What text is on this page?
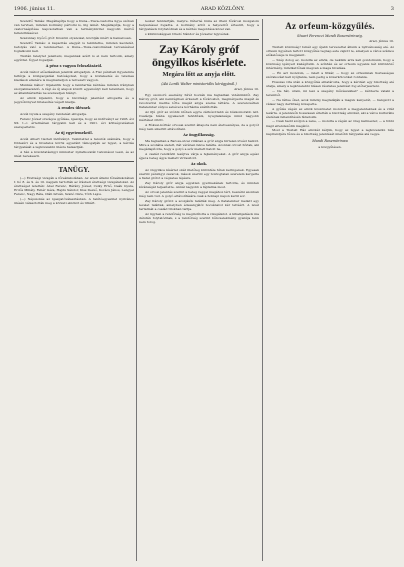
1906. június 11.	ARAD KÖZLÖNY.	3

Szendrő Tamás: Megállapítja hogy a Duna—Tisza-csatorna ügye szóban van tervben, minden kormány pártolni is, ülg ismét. Megállapítja, hogy a csatornaépítése kapcsolatban van a terménykivitel nagyobb mérvű fellendülésével.

Szalonnay Győző gróf: Köszöni olyanokat, közöljék miért is hamarosan.

Szendrő Tamás: A kapacitás elegyét is tekintetbe, minden kezdetét, befolyás való a rendszerhez. A Duna—Tisza-csatornának tervezésével foglalkozni kell.

Tisztán felelytet jelenteni, megannak azért is el nem tartozik, amely egyúttal. Ügyet fogadják.

A pénz s vagyon feloszlásáról.

Aczél Gábor előadásában jelentik elfogadjuk. A Fisz pénzbeli figyelemre felhívja a közigazgatási hatóságokat, hogy a közlekedés és tetemes kiadások ellenére is megmaradjon a tervezett vagyon.

Munkás Gábor: Kijelentik hogy a fenntartás kérdése minden irányban szorgalmazandó. A régi és új alapok között egyensúlyt kell teremteni, hogy az államháztartás ne szenvedjen hiányt.

Az elnök kijelenti, hogy a bizottsági jelentést elfogadta és a jegyzőkönyvet hitelesítés végett kiadja.

A rendes ülésnek

Aczél Gyula a szegény rendelést elfogadja.

Ferenc József országos gyűlése, igazolja, hogy az indítványt az 1906. évi XX. t.-c. értelmében tárgyalni kell és a 1901. évi költségvetésben szerepeltetni.

Az új egyetemekről.

Aczél Albert tiszteli indítványt. Tekintettel a tanulók számára, hogy a földesúri és a hivatalos körök egyaránt támogatják az ügyet, a kérdés tárgyalását a legközelebbi ülésre halasztják.

A ház a közoktatásügyi miniszter nyilatkozatát tudomásul veszi, és az ülést berekeszti.

TANÜGY.

(—) Érettségi vizsgák a főreáliskolában. Az aradi állami főreáliskolában f. hó 8. és 9. és 10. napjain tartották az írásbeli érettségi vizsgálatokat. Az érettséget letették: Ábel Ferenc, Bárány József, Csiky Ernő, Deák Gyula, Erdős Mihály, Fehér Géza, Hajdu Sándor, Kiss Dezső, Kovács János, Lengyel Ferenc, Nagy Béla, Oláh István, Szabó Imre, Tóth Lajos.

(—) Népszokás az igazgatóválasztásban. A tanítóegyesület nyilvános ülésén választották meg a körzeti elnököt és titkárt.

leuker fenntartják, melyre. Péterné Gizia az itteni fővárosi mozgalom helyesléssel fogadta. A kormány arról a helyzetről értesült, hogy a tárgyalások folytatódnak és a kérdés megoldása közel van.

s különösképpen Dredó Nándor és Józsefsz ügyvédek.

Zay Károly gróf öngyilkos kisérlete.
Megára lőtt az anyja előtt.
(Aki Lorák Walter ministeriális kórágyánál.)
Arad, június 10.

Egy szomorú esemény hírét hozzák ma hajnalban vidékünkről. Zay Károly gróf, aki nemrégiben érkezett a fővárosból, megmérgezte magát és revolverrel mellbe lőtte magát anyja szeme láttára. A szerencsétlen fiatalember súlyos sebével a kórházba szállították.

Az ifjú gróf az utóbbi időben egyre zárkózottabb és búskomorabb lett. Családja hiába igyekezett felvidítani, nyugtalansága mind nagyobb mértéket öltött.

A Rókusi-kórház orvosai szerint állapota nem életveszélyes, de a golyót még nem sikerült eltávolítani.

Az öngyilkosság.

Ma hajnalban a Baross-utcai villában a gróf anyja hirtelen lövést hallott. Mire a szobába sietett, fiát vérében fekve találta. Azonnal orvost hívtak, aki megállapította, hogy a golyó a szív mellett hatolt be.

A család rendkívül lesújtva várja a fejleményeket. A gróf anyja egész éjjel a beteg ágya mellett virrasztott.

Az okok.

Az öngyilkos kísérlet okát illetőleg különféle hírek keringenek. Egyesek szerint pénzügyi zavarok, mások szerint egy boldogtalan szerelem kergette a fiatal grófot a végzetes lépésre.

Zay Károly gróf anyja egyetlen gyermekének tartotta, és minden kívánságát teljesítette. Annál nagyobb a fájdalma most.

Az orvosi jelentés szerint a beteg reggel magához tért, beszélni azonban még nem tud. A golyó eltávolítására csak a holnapi napon kerül sor.

Zay Károly grófot a szolgálók találták meg. A fiatalember mellett egy levelet találtak, amelyben édesanyjától bocsánatot kér tettéért. A levél tartalmát a család titokban tartja.

Az ügyben a rendőrség is megindította a vizsgálatot. A kihallgatások ma délután folytatódnak, s a rendőrség szerint bűncselekmény gyanúja fenn nem forog.

Az orfeum-közgyűlés.
Stuart Ferenczi Mundi Rosemörinwig.
Arad, június 10.

Tisztelt közönség! Ismét egy újabb tervezettel állunk a nyilvánosság elé. Az orfeum ügyében tartott közgyűlés tegnap este zajlott le, amelyen a város számos előkelősége is megjelent.

— Szép dolog ez, mondta az elnök, de nekünk arra kell gondolnunk, hogy a közönség igényeit kielégítsük. A színház és az orfeum ugyanis két különböző intézmény, mindkettőnek megvan a maga hivatása.

— Én azt mondom, — felelt a titkár, — hogy az orfeumnak tisztességes szórakozást kell nyújtania, nem pedig a közerkölcsöket rontania.

Hosszas vita után a közgyűlés elhatározta, hogy a kérdést egy bizottság elé utalja, amely a legközelebbi ülésen részletes jelentést fog előterjeszteni.

— De hát, uram, mi lesz a szegény művészekkel? — kérdezte valaki a teremből.

— Ne féltse őket, azok mindig megtalálják a maguk kenyerét, — hangzott a válasz nagy derültség közepette.

A gyűlés végén az elnök köszönetet mondott a megjelenteknek és a vitát lezárta. A jelenlevők hosszasan éltették a bizottság elnökét, aki a város kulturális életének fellendítésén fáradozik.

— Csak hadd szóljon a zene, — mondta a végén az öreg karmester, — a többi majd elrendeződik magától.

Most a Tisztelt Ház elnökét kérjük, hogy az ügyet a legközelebbi ülés napirendjére tűzze és a bizottság jelentését mielőbb tárgyalás alá vegye.

Mundi Rosemörinwa
a közgyűlésen.
